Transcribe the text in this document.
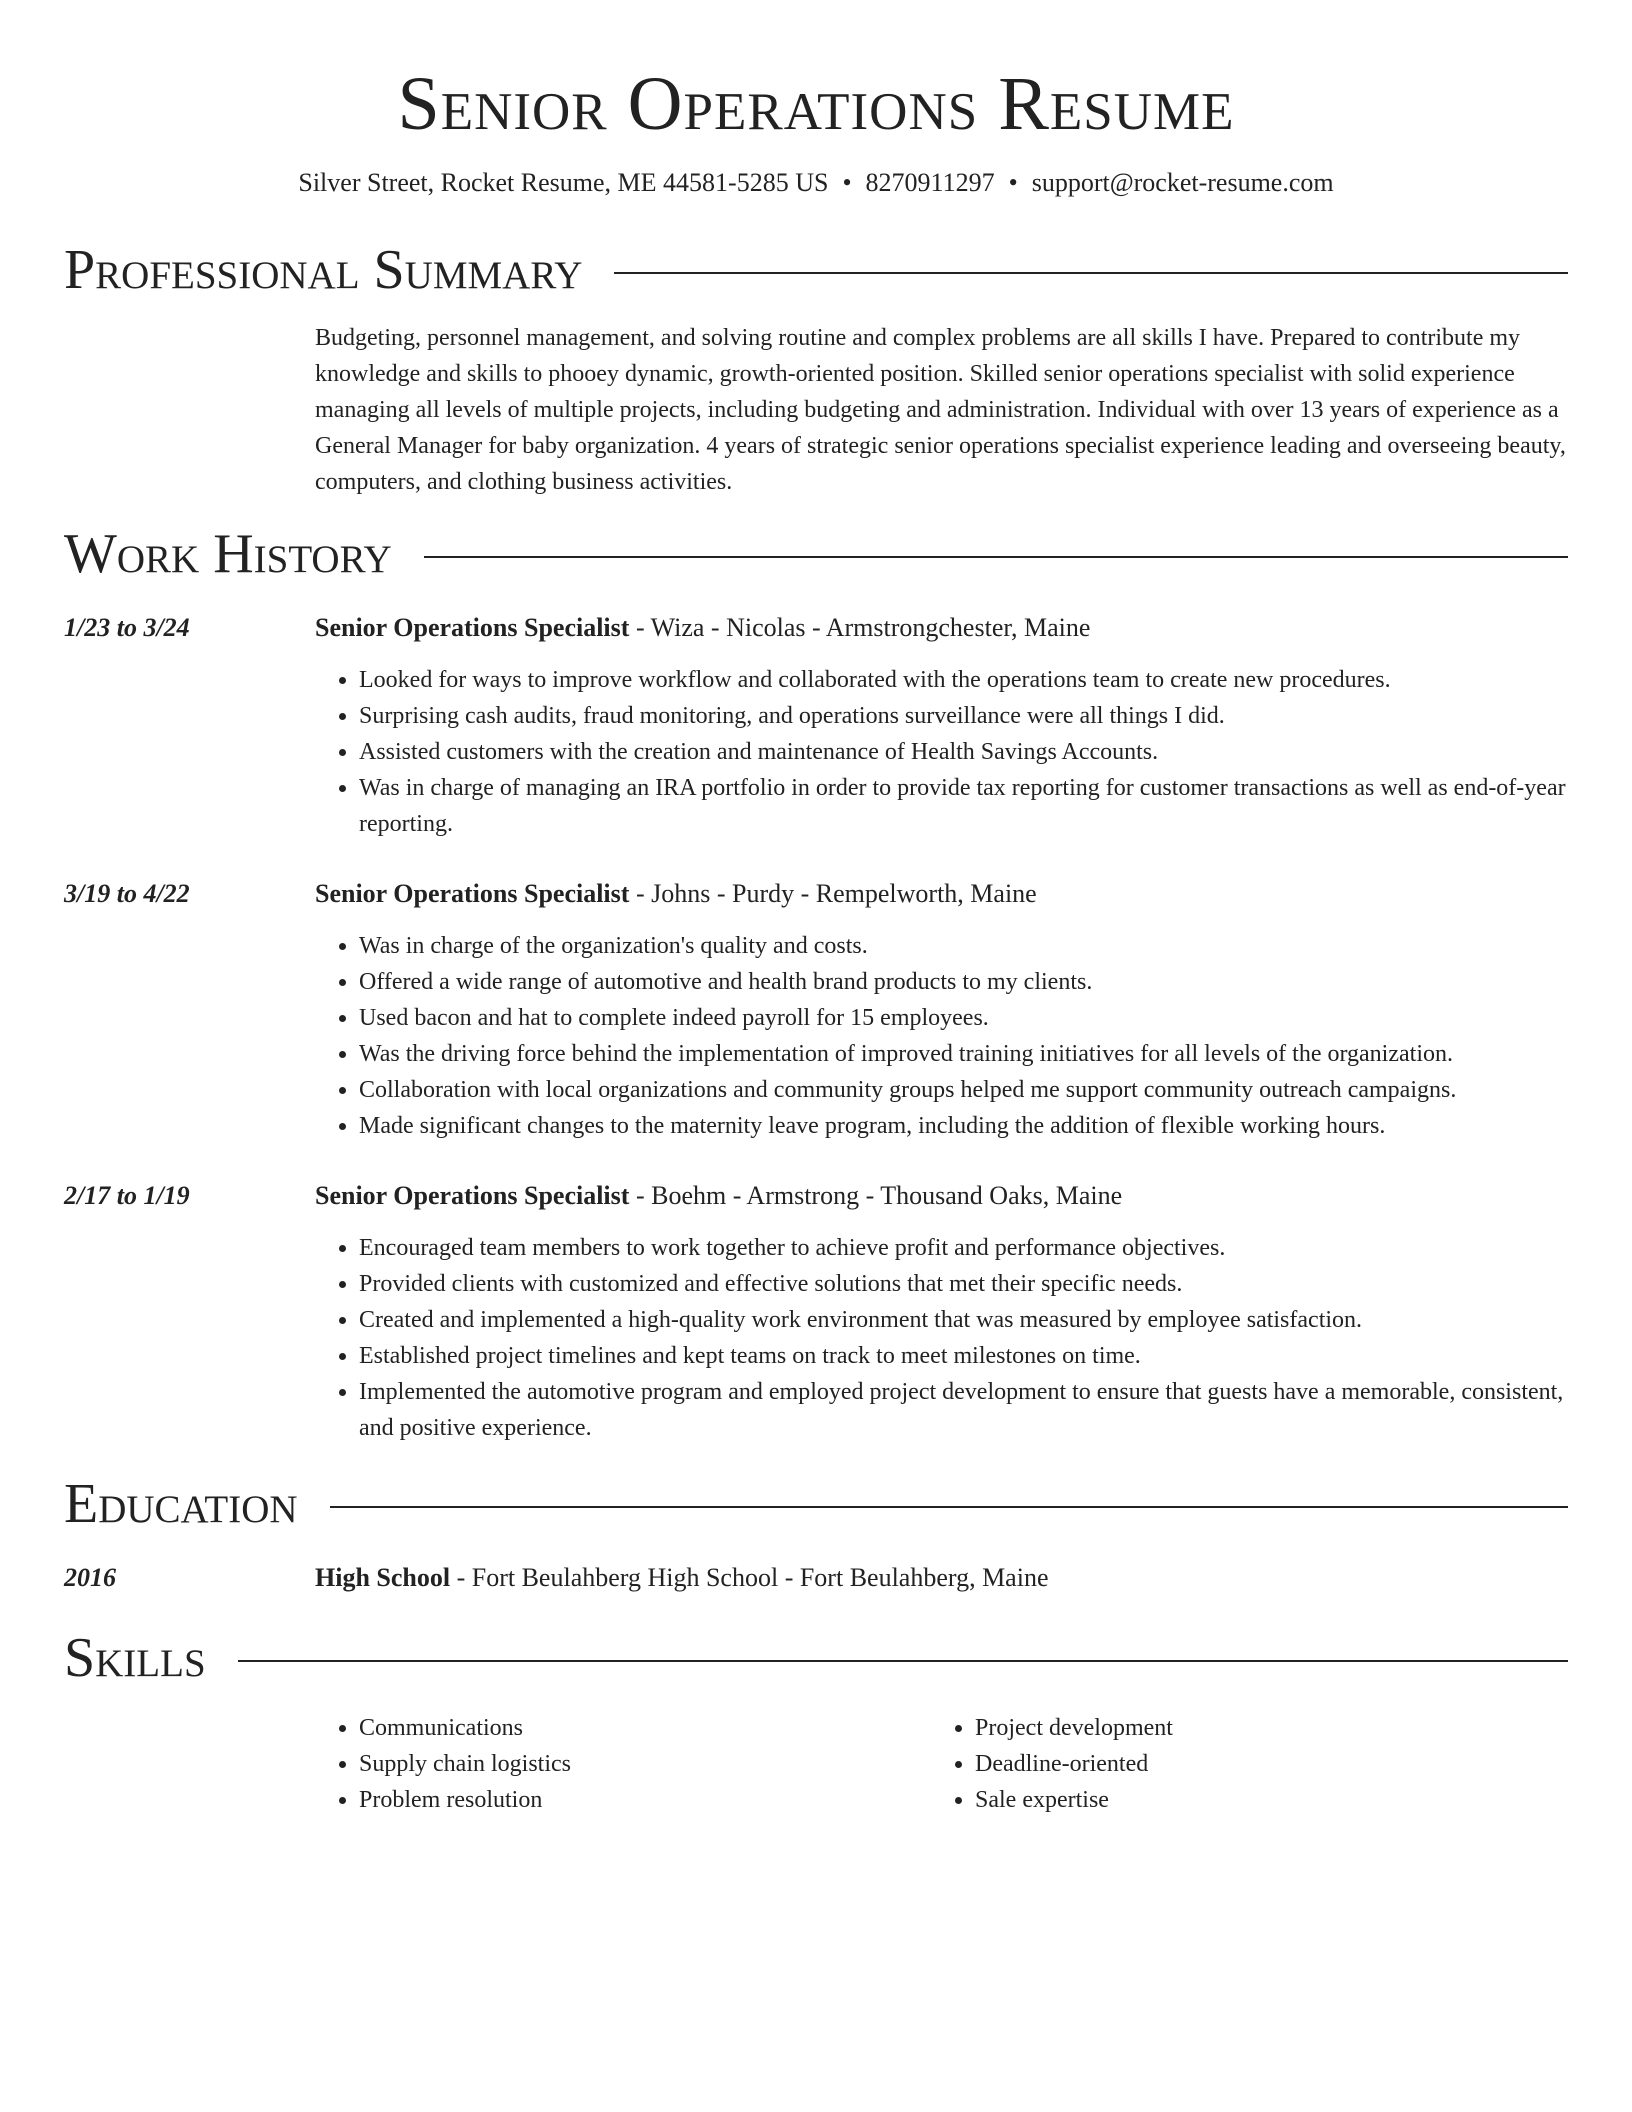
Senior Operations Resume
Silver Street, Rocket Resume, ME 44581-5285 US • 8270911297 • support@rocket-resume.com
Professional Summary
Budgeting, personnel management, and solving routine and complex problems are all skills I have. Prepared to contribute my knowledge and skills to phooey dynamic, growth-oriented position. Skilled senior operations specialist with solid experience managing all levels of multiple projects, including budgeting and administration. Individual with over 13 years of experience as a General Manager for baby organization. 4 years of strategic senior operations specialist experience leading and overseeing beauty, computers, and clothing business activities.
Work History
1/23 to 3/24	Senior Operations Specialist - Wiza - Nicolas - Armstrongchester, Maine
• Looked for ways to improve workflow and collaborated with the operations team to create new procedures.
• Surprising cash audits, fraud monitoring, and operations surveillance were all things I did.
• Assisted customers with the creation and maintenance of Health Savings Accounts.
• Was in charge of managing an IRA portfolio in order to provide tax reporting for customer transactions as well as end-of-year reporting.
3/19 to 4/22	Senior Operations Specialist - Johns - Purdy - Rempelworth, Maine
• Was in charge of the organization's quality and costs.
• Offered a wide range of automotive and health brand products to my clients.
• Used bacon and hat to complete indeed payroll for 15 employees.
• Was the driving force behind the implementation of improved training initiatives for all levels of the organization.
• Collaboration with local organizations and community groups helped me support community outreach campaigns.
• Made significant changes to the maternity leave program, including the addition of flexible working hours.
2/17 to 1/19	Senior Operations Specialist - Boehm - Armstrong - Thousand Oaks, Maine
• Encouraged team members to work together to achieve profit and performance objectives.
• Provided clients with customized and effective solutions that met their specific needs.
• Created and implemented a high-quality work environment that was measured by employee satisfaction.
• Established project timelines and kept teams on track to meet milestones on time.
• Implemented the automotive program and employed project development to ensure that guests have a memorable, consistent, and positive experience.
Education
2016	High School - Fort Beulahberg High School - Fort Beulahberg, Maine
Skills
• Communications
• Supply chain logistics
• Problem resolution
• Project development
• Deadline-oriented
• Sale expertise
